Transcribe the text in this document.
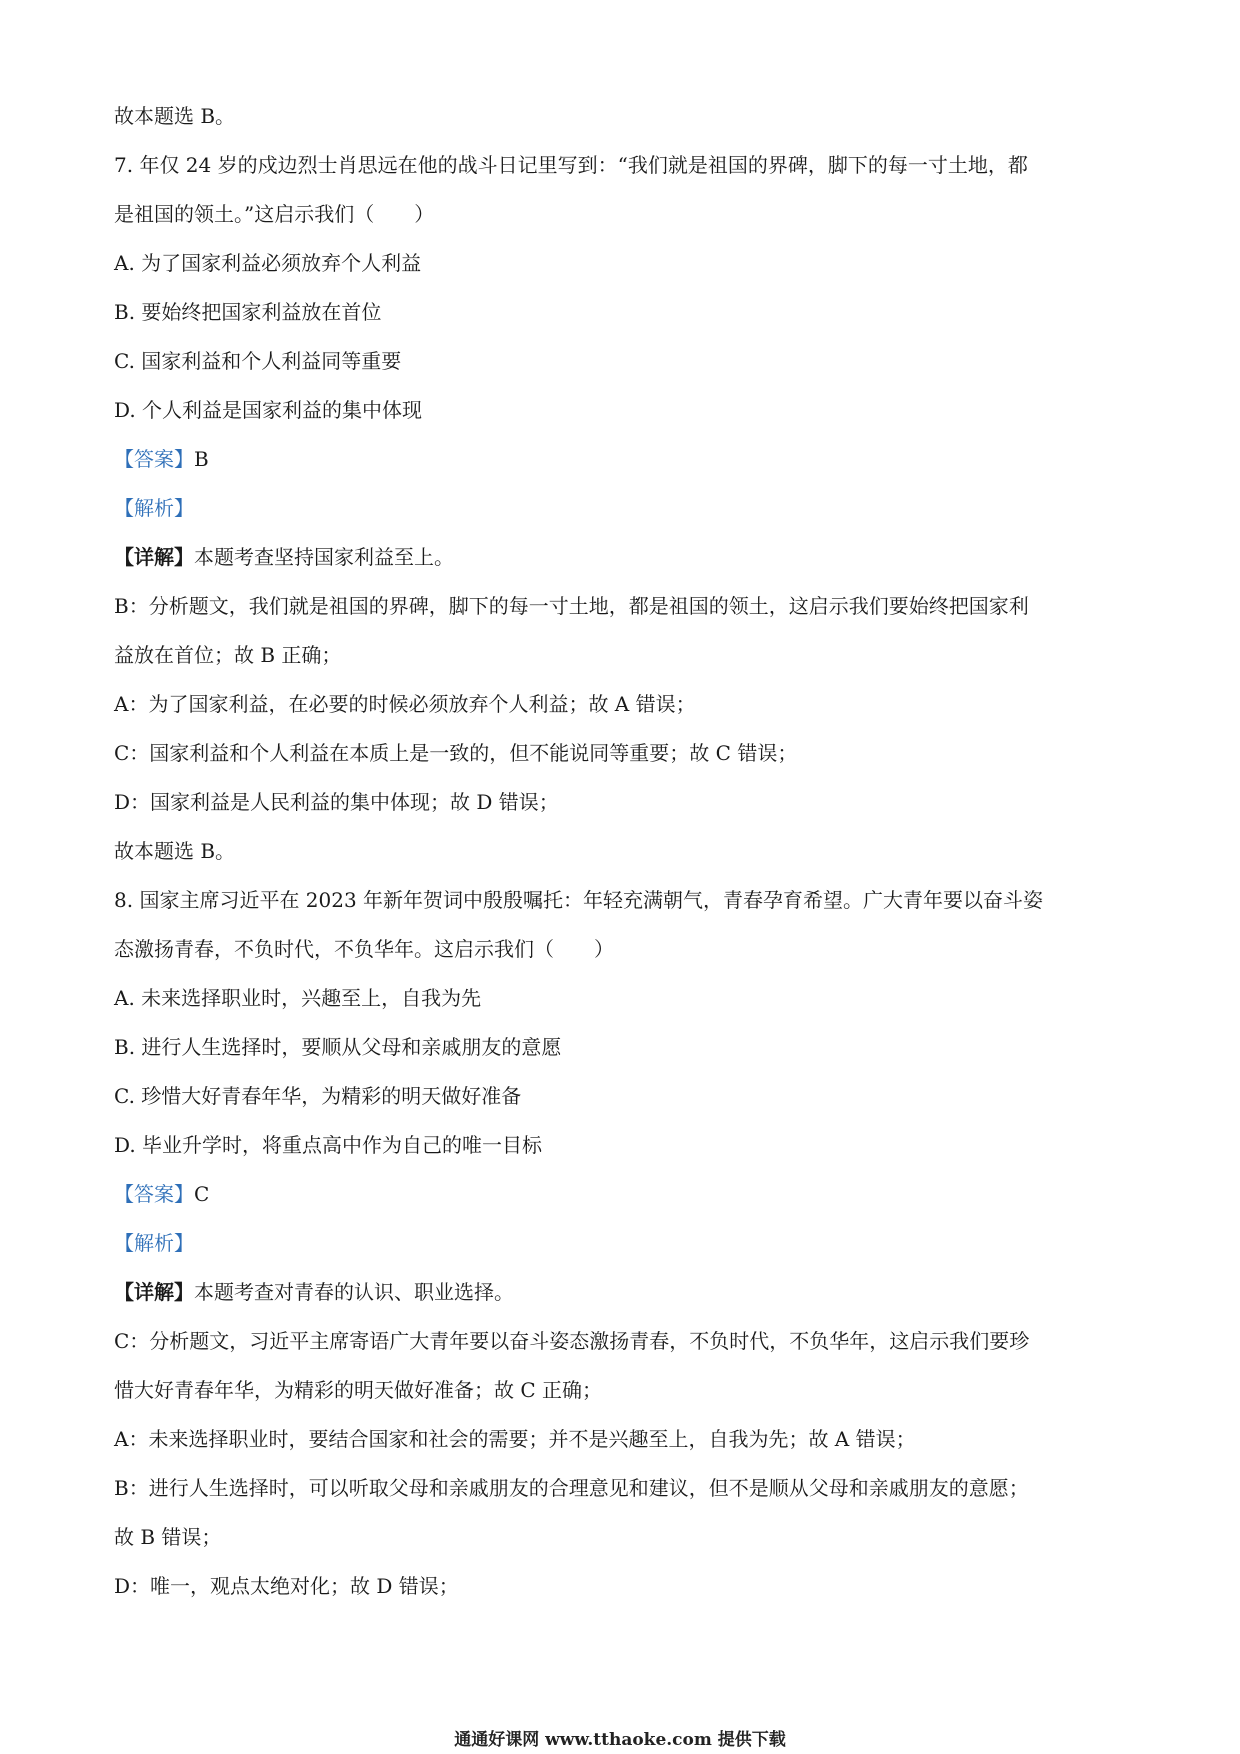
故本题选 B。
7. 年仅 24 岁的戍边烈士肖思远在他的战斗日记里写到：“我们就是祖国的界碑，脚下的每一寸土地，都
是祖国的领土。”这启示我们（　　）
A. 为了国家利益必须放弃个人利益
B. 要始终把国家利益放在首位
C. 国家利益和个人利益同等重要
D. 个人利益是国家利益的集中体现
【答案】B
【解析】
【详解】本题考查坚持国家利益至上。
B：分析题文，我们就是祖国的界碑，脚下的每一寸土地，都是祖国的领土，这启示我们要始终把国家利
益放在首位；故 B 正确；
A：为了国家利益，在必要的时候必须放弃个人利益；故 A 错误；
C：国家利益和个人利益在本质上是一致的，但不能说同等重要；故 C 错误；
D：国家利益是人民利益的集中体现；故 D 错误；
故本题选 B。
8. 国家主席习近平在 2023 年新年贺词中殷殷嘱托：年轻充满朝气，青春孕育希望。广大青年要以奋斗姿
态激扬青春，不负时代，不负华年。这启示我们（　　）
A. 未来选择职业时，兴趣至上，自我为先
B. 进行人生选择时，要顺从父母和亲戚朋友的意愿
C. 珍惜大好青春年华，为精彩的明天做好准备
D. 毕业升学时，将重点高中作为自己的唯一目标
【答案】C
【解析】
【详解】本题考查对青春的认识、职业选择。
C：分析题文，习近平主席寄语广大青年要以奋斗姿态激扬青春，不负时代，不负华年，这启示我们要珍
惜大好青春年华，为精彩的明天做好准备；故 C 正确；
A：未来选择职业时，要结合国家和社会的需要；并不是兴趣至上，自我为先；故 A 错误；
B：进行人生选择时，可以听取父母和亲戚朋友的合理意见和建议，但不是顺从父母和亲戚朋友的意愿；
故 B 错误；
D：唯一，观点太绝对化；故 D 错误；
通通好课网 www.tthaoke.com 提供下载
